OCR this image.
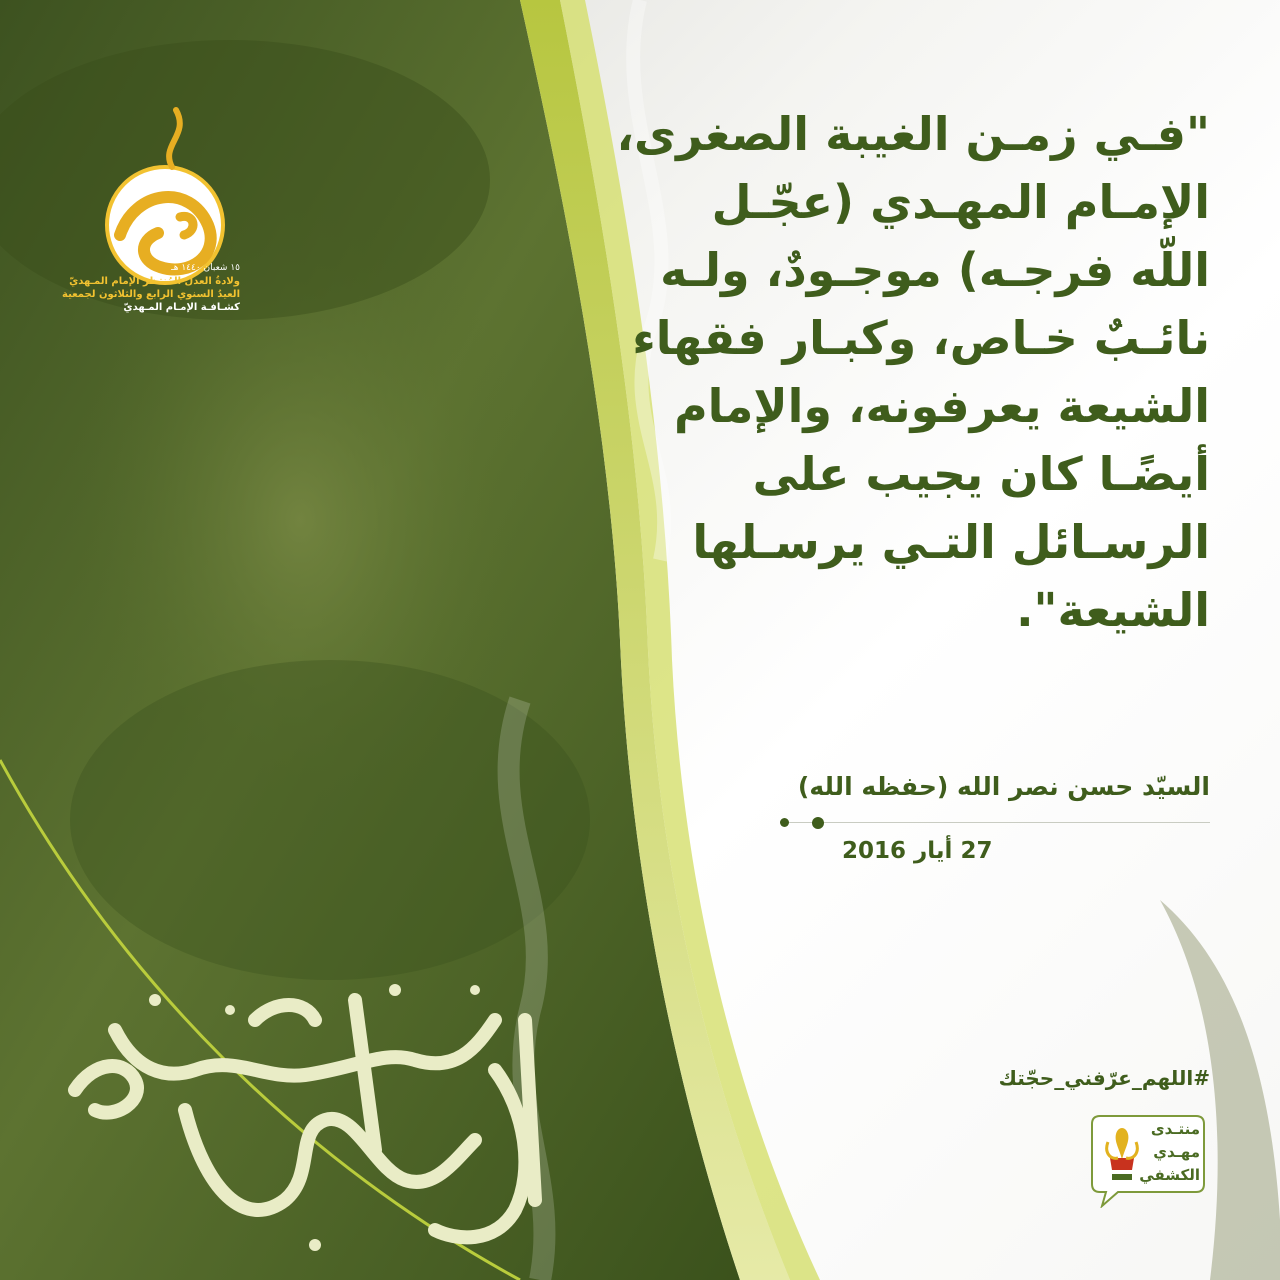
١٥ شعبان ١٤٤٠ هـ
ولادةُ العدل المُنتظر الإمام المـهديّ
العيدُ السنوي الرابع والثلاثون لجمعية
كشـافـة الإمـام المـهديّ
"فـي زمـن الغيبة الصغرى،
الإمـام المهـدي (عجّـل
اللّه فرجـه) موجـودٌ، ولـه
نائـبٌ خـاص، وكبـار فقهاء
الشيعة يعرفونه، والإمام
أيضًـا كان يجيب على
الرسـائل التـي يرسـلها
الشيعة".
السيّد حسن نصر الله (حفظه الله)
27 أيار 2016
#اللهم_عرّفني_حجّتك
منتـدى
مهـدي
الكشفي
